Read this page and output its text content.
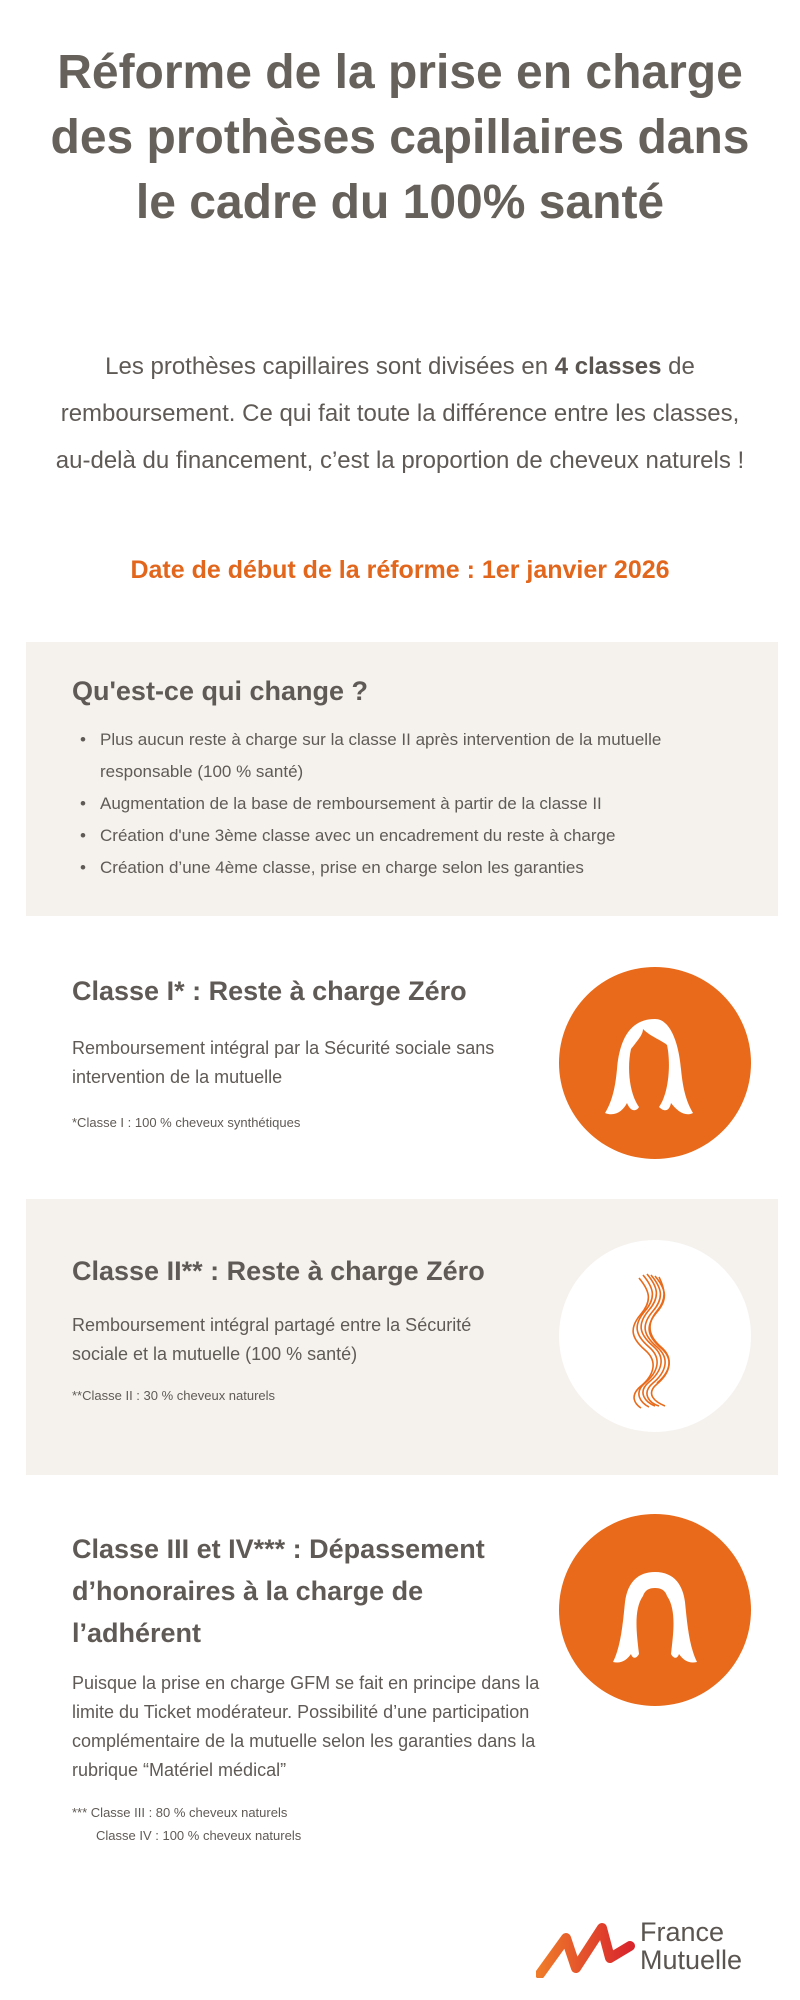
Réforme de la prise en charge des prothèses capillaires dans le cadre du 100% santé

Les prothèses capillaires sont divisées en 4 classes de remboursement. Ce qui fait toute la différence entre les classes, au-delà du financement, c’est la proportion de cheveux naturels !

Date de début de la réforme : 1er janvier 2026

Qu'est-ce qui change ?
• Plus aucun reste à charge sur la classe II après intervention de la mutuelle responsable (100 % santé)
• Augmentation de la base de remboursement à partir de la classe II
• Création d'une 3ème classe avec un encadrement du reste à charge
• Création d’une 4ème classe, prise en charge selon les garanties
Classe I* : Reste à charge Zéro

Remboursement intégral par la Sécurité sociale sans intervention de la mutuelle

*Classe I : 100 % cheveux synthétiques

Classe II** : Reste à charge Zéro

Remboursement intégral partagé entre la Sécurité sociale et la mutuelle (100 % santé)

**Classe II : 30 % cheveux naturels

Classe III et IV*** : Dépassement d’honoraires à la charge de l’adhérent

Puisque la prise en charge GFM se fait en principe dans la limite du Ticket modérateur. Possibilité d’une participation complémentaire de la mutuelle selon les garanties dans la rubrique “Matériel médical”

*** Classe III : 80 % cheveux naturels

Classe IV : 100 % cheveux naturels

France
Mutuelle
